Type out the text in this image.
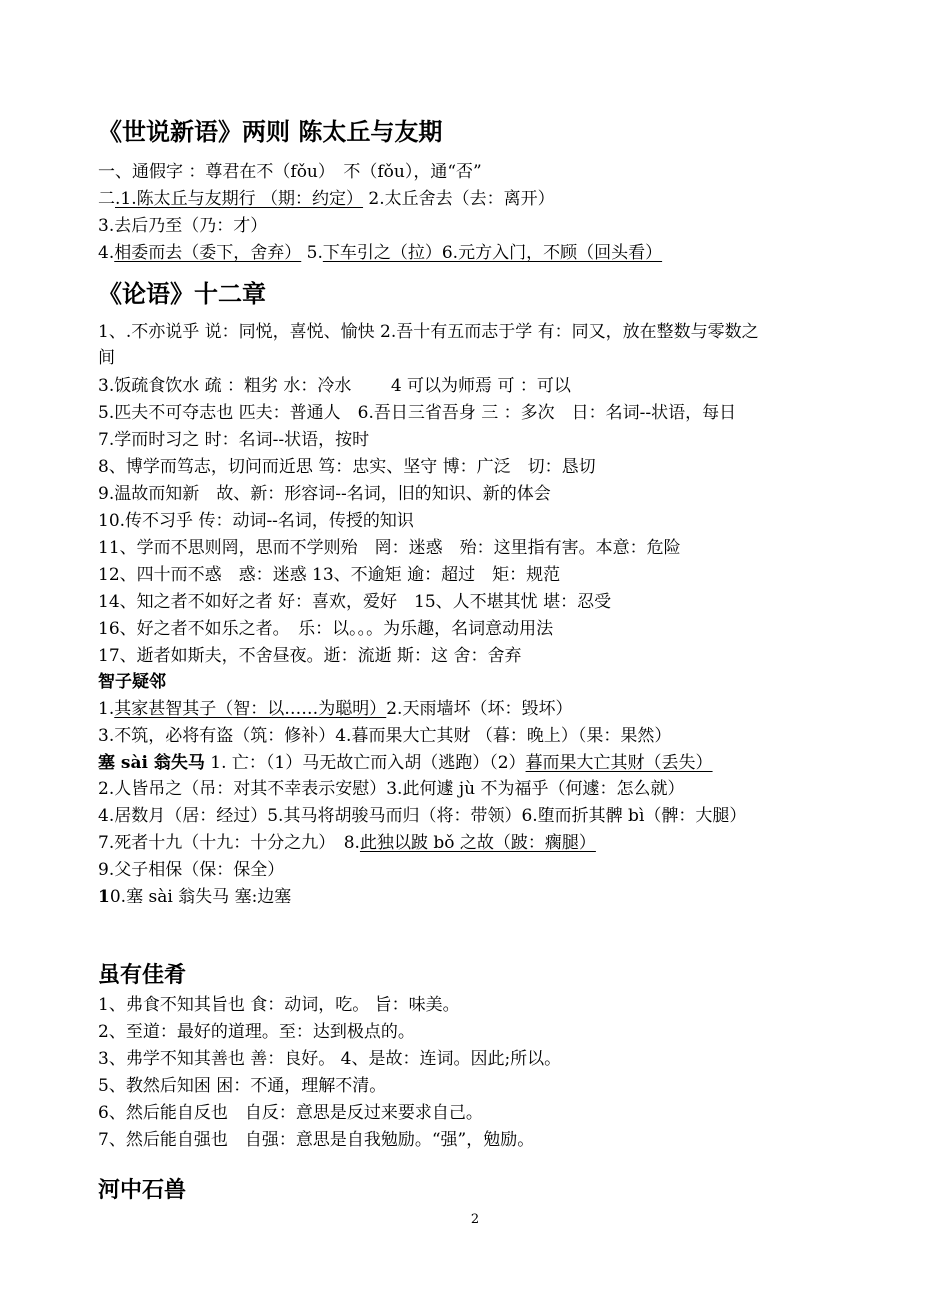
《世说新语》两则 陈太丘与友期
一、通假字 ：尊君在不（fǒu）　不（fǒu），通“否”
二.1.陈太丘与友期行 （期：约定） 2.太丘舍去（去：离开）
3.去后乃至（乃：才）
4.相委而去（委下，舍弃） 5.下车引之（拉）6.元方入门，不顾（回头看）
《论语》十二章
1、.不亦说乎 说：同悦，喜悦、愉快 2.吾十有五而志于学 有：同又，放在整数与零数之
间
3.饭疏食饮水 疏 ：粗劣 水：冷水　　 4 可以为师焉 可 ：可以
5.匹夫不可夺志也 匹夫：普通人　6.吾日三省吾身 三 ：多次　日：名词--状语，每日
7.学而时习之 时：名词--状语，按时
8、博学而笃志，切问而近思 笃：忠实、坚守 博：广泛　切：恳切
9.温故而知新　故、新：形容词--名词，旧的知识、新的体会
10.传不习乎 传：动词--名词，传授的知识
11、学而不思则罔，思而不学则殆　罔：迷惑　殆：这里指有害。本意：危险
12、四十而不惑　惑：迷惑 13、不逾矩 逾：超过　矩：规范
14、知之者不如好之者 好：喜欢，爱好　15、人不堪其忧 堪：忍受
16、好之者不如乐之者。　乐：以。。。为乐趣，名词意动用法
17、逝者如斯夫，不舍昼夜。逝：流逝 斯：这 舍：舍弃
智子疑邻
1.其家甚智其子（智：以……为聪明）2.天雨墙坏（坏：毁坏）
3.不筑，必将有盗（筑：修补）4.暮而果大亡其财 （暮：晚上）（果：果然）
塞 sài 翁失马 1. 亡：（1）马无故亡而入胡（逃跑）（2）暮而果大亡其财（丢失）
2.人皆吊之（吊：对其不幸表示安慰）3.此何遽 jù 不为福乎（何遽：怎么就）
4.居数月（居：经过）5.其马将胡骏马而归（将：带领）6.堕而折其髀 bì（髀：大腿）
7.死者十九（十九：十分之九）　8.此独以跛 bǒ 之故（跛：瘸腿）
9.父子相保（保：保全）
10.塞 sài 翁失马 塞:边塞
虽有佳肴
1、弗食不知其旨也 食：动词，吃。 旨：味美。
2、至道：最好的道理。至：达到极点的。
3、弗学不知其善也 善：良好。 4、是故：连词。因此;所以。
5、教然后知困 困：不通，理解不清。
6、然后能自反也　自反：意思是反过来要求自己。
7、然后能自强也　自强：意思是自我勉励。“强”，勉励。
河中石兽
2
